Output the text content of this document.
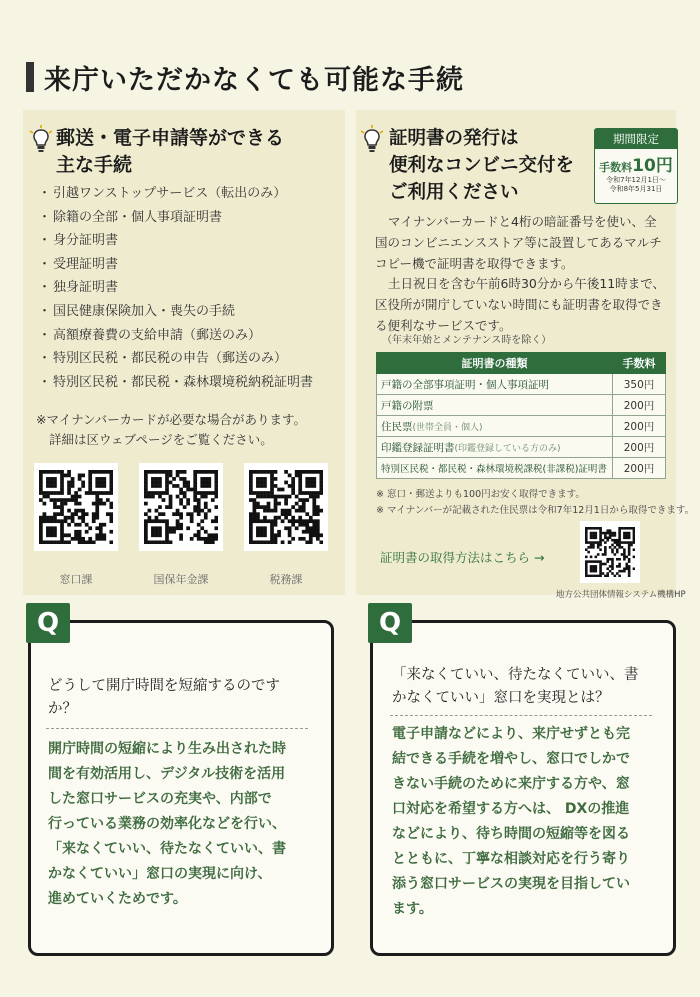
来庁いただかなくても可能な手続
郵送・電子申請等ができる
主な手続
・ 引越ワンストップサービス（転出のみ）
・ 除籍の全部・個人事項証明書
・ 身分証明書
・ 受理証明書
・ 独身証明書
・ 国民健康保険加入・喪失の手続
・ 高額療養費の支給申請（郵送のみ）
・ 特別区民税・都民税の申告（郵送のみ）
・ 特別区民税・都民税・森林環境税納税証明書
※マイナンバーカードが必要な場合があります。
詳細は区ウェブページをご覧ください。
窓口課	国保年金課	税務課
証明書の発行は
便利なコンビニ交付を
ご利用ください
期間限定
手数料10円
令和7年12月1日～
令和8年5月31日
マイナンバーカードと4桁の暗証番号を使い、全
国のコンビニエンスストア等に設置してあるマルチ
コピー機で証明書を取得できます。
土日祝日を含む午前6時30分から午後11時まで、
区役所が開庁していない時間にも証明書を取得でき
る便利なサービスです。
（年末年始とメンテナンス時を除く）
証明書の種類	手数料
戸籍の全部事項証明・個人事項証明	350円
戸籍の附票	200円
住民票(世帯全員・個人)	200円
印鑑登録証明書(印鑑登録している方のみ)	200円
特別区民税・都民税・森林環境税課税(非課税)証明書	200円
※ 窓口・郵送よりも100円お安く取得できます。
※ マイナンバーが記載された住民票は令和7年12月1日から取得できます。
証明書の取得方法はこちら →
地方公共団体情報システム機構HP
Q
どうして開庁時間を短縮するのです
か？
開庁時間の短縮により生み出された時
間を有効活用し、デジタル技術を活用
した窓口サービスの充実や、内部で
行っている業務の効率化などを行い、
「来なくていい、待たなくていい、書
かなくていい」窓口の実現に向け、
進めていくためです。
Q
「来なくていい、待たなくていい、書
かなくていい」窓口を実現とは？
電子申請などにより、来庁せずとも完
結できる手続を増やし、窓口でしかで
きない手続のために来庁する方や、窓
口対応を希望する方へは、 DXの推進
などにより、待ち時間の短縮等を図る
とともに、丁寧な相談対応を行う寄り
添う窓口サービスの実現を目指してい
ます。
